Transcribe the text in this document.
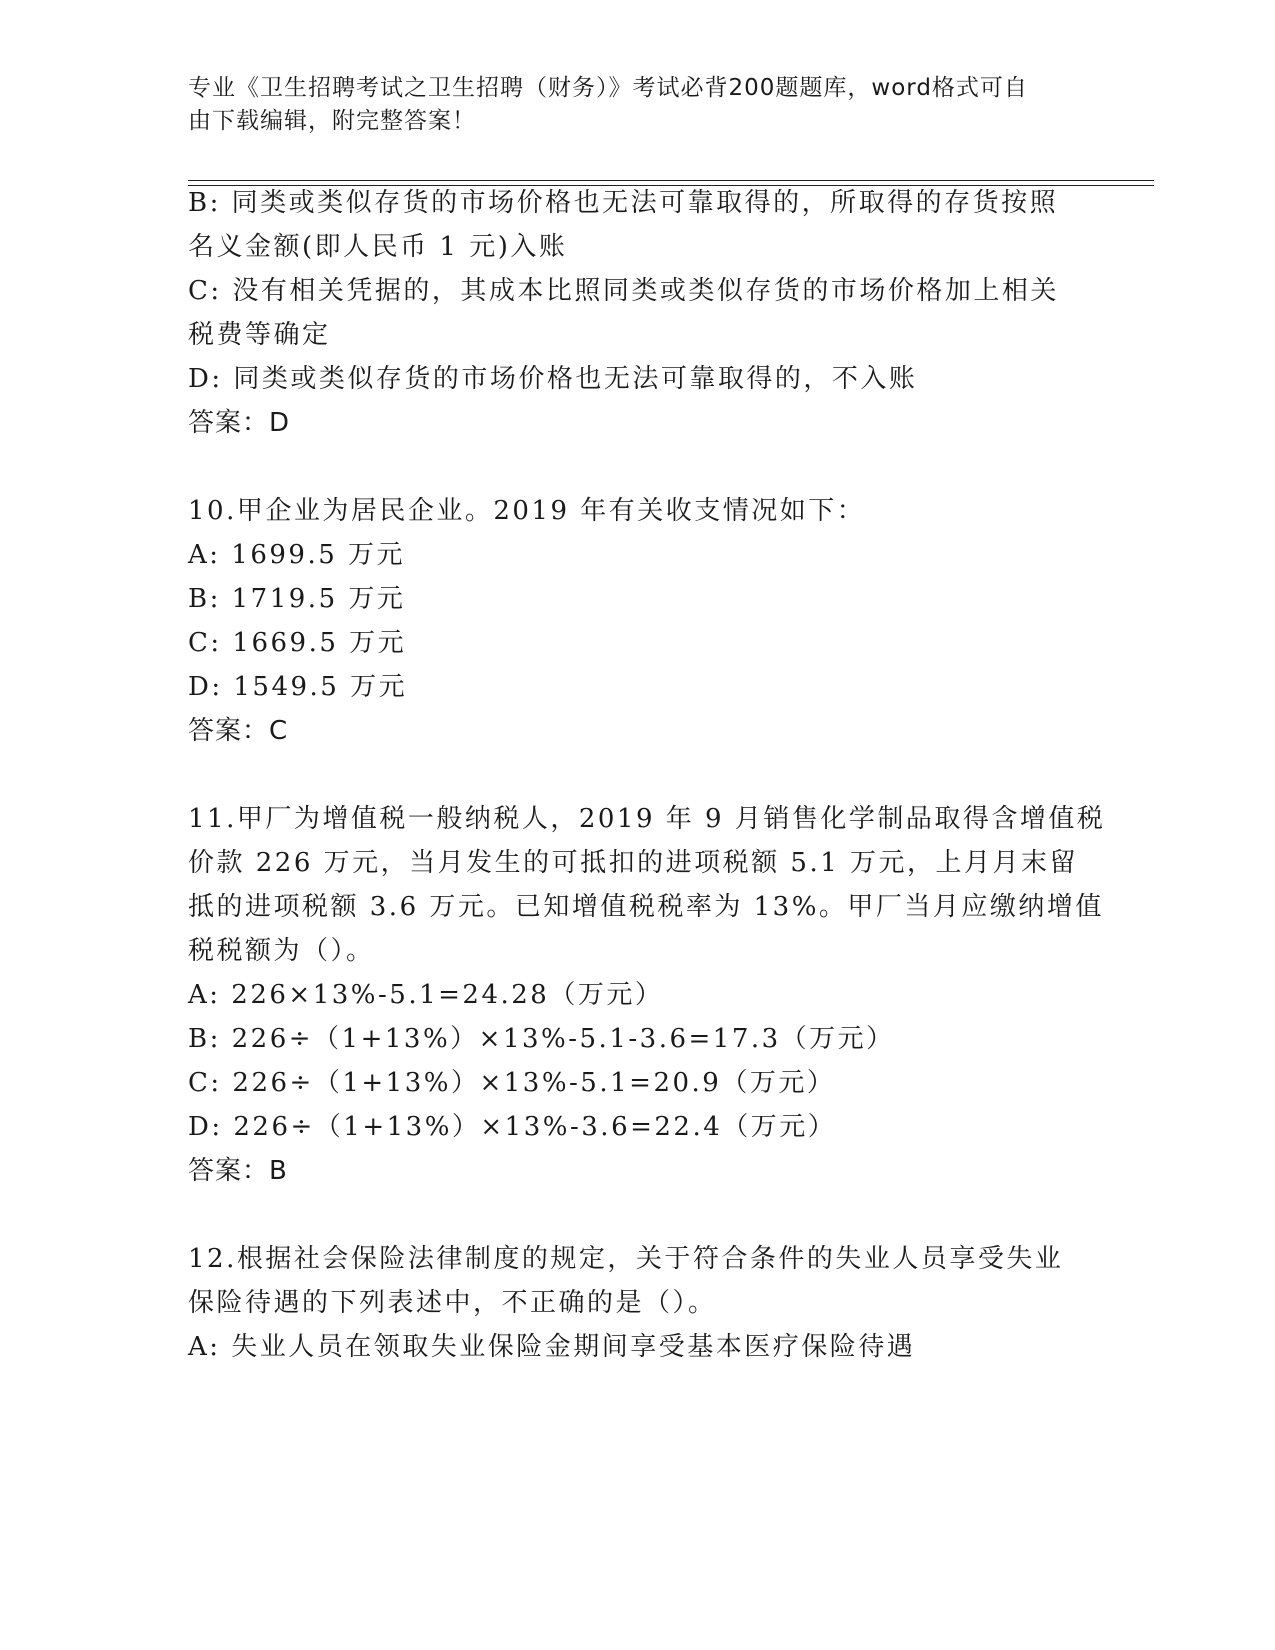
专业《卫生招聘考试之卫生招聘（财务）》考试必背200题题库，word格式可自
由下载编辑，附完整答案！
B: 同类或类似存货的市场价格也无法可靠取得的，所取得的存货按照
名义金额(即人民币 1 元)入账
C: 没有相关凭据的，其成本比照同类或类似存货的市场价格加上相关
税费等确定
D: 同类或类似存货的市场价格也无法可靠取得的，不入账
答案：D
10.甲企业为居民企业。2019 年有关收支情况如下：
A: 1699.5 万元
B: 1719.5 万元
C: 1669.5 万元
D: 1549.5 万元
答案：C
11.甲厂为增值税一般纳税人，2019 年 9 月销售化学制品取得含增值税
价款 226 万元，当月发生的可抵扣的进项税额 5.1 万元，上月月末留
抵的进项税额 3.6 万元。已知增值税税率为 13%。甲厂当月应缴纳增值
税税额为（）。
A: 226×13%-5.1=24.28（万元）
B: 226÷（1+13%）×13%-5.1-3.6=17.3（万元）
C: 226÷（1+13%）×13%-5.1=20.9（万元）
D: 226÷（1+13%）×13%-3.6=22.4（万元）
答案：B
12.根据社会保险法律制度的规定，关于符合条件的失业人员享受失业
保险待遇的下列表述中，不正确的是（）。
A: 失业人员在领取失业保险金期间享受基本医疗保险待遇
